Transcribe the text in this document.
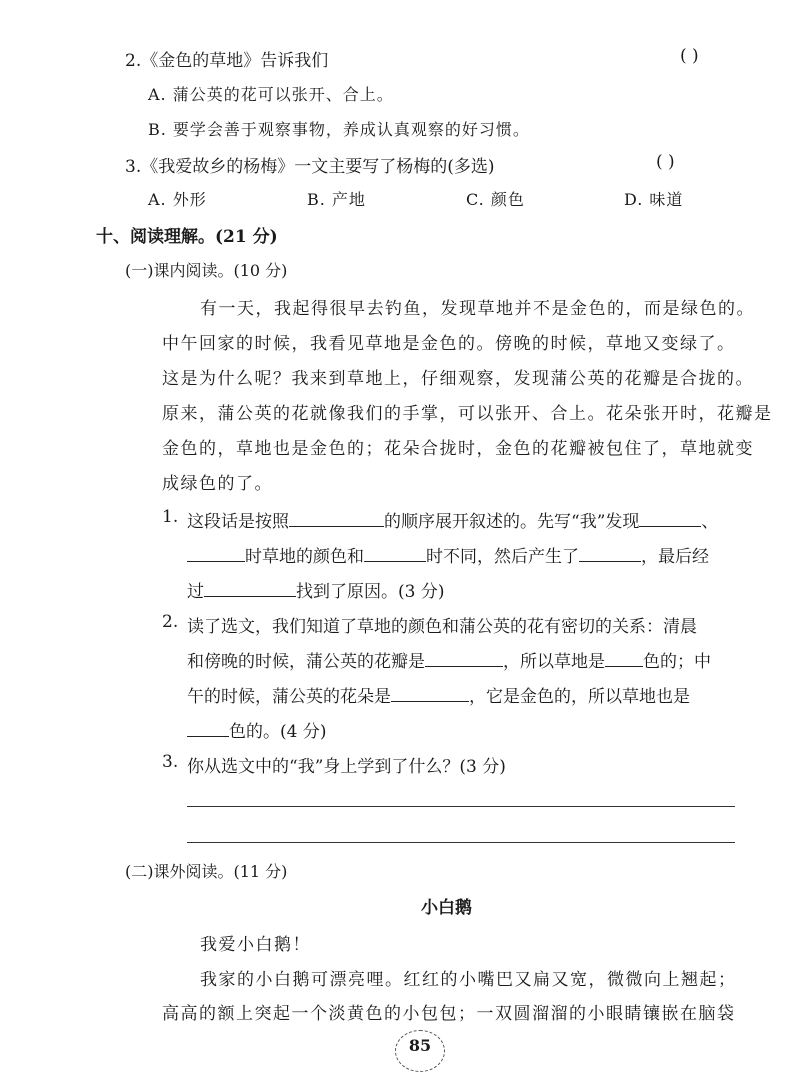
2.《金色的草地》告诉我们	( )
A. 蒲公英的花可以张开、合上。
B. 要学会善于观察事物，养成认真观察的好习惯。
3.《我爱故乡的杨梅》一文主要写了杨梅的(多选)	( )
A. 外形	B. 产地	C. 颜色	D. 味道
十、阅读理解。(21 分)
(一)课内阅读。(10 分)
有一天，我起得很早去钓鱼，发现草地并不是金色的，而是绿色的。
中午回家的时候，我看见草地是金色的。傍晚的时候，草地又变绿了。
这是为什么呢？我来到草地上，仔细观察，发现蒲公英的花瓣是合拢的。
原来，蒲公英的花就像我们的手掌，可以张开、合上。花朵张开时，花瓣是
金色的，草地也是金色的；花朵合拢时，金色的花瓣被包住了，草地就变
成绿色的了。
1. 这段话是按照	的顺序展开叙述的。先写“我”发现	、
时草地的颜色和	时不同，然后产生了	，最后经
过	找到了原因。(3 分)
2. 读了选文，我们知道了草地的颜色和蒲公英的花有密切的关系：清晨
和傍晚的时候，蒲公英的花瓣是	，所以草地是 色的；中
午的时候，蒲公英的花朵是	，它是金色的，所以草地也是
色的。(4 分)
3. 你从选文中的“我”身上学到了什么？(3 分)
(二)课外阅读。(11 分)
小白鹅
我爱小白鹅！
我家的小白鹅可漂亮哩。红红的小嘴巴又扁又宽，微微向上翘起；
高高的额上突起一个淡黄色的小包包；一双圆溜溜的小眼睛镶嵌在脑袋
85
